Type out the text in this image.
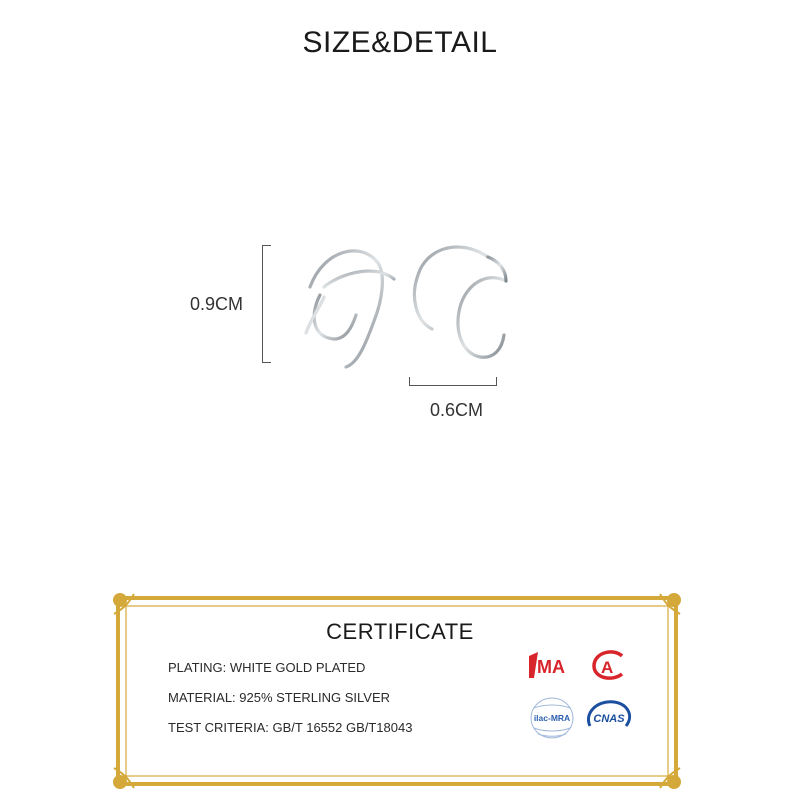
SIZE&DETAIL
0.9CM
0.6CM
CERTIFICATE
PLATING: WHITE GOLD PLATED
MATERIAL: 925% STERLING SILVER
TEST CRITERIA: GB/T 16552 GB/T18043
MA A
ilac-MRA CNAS
